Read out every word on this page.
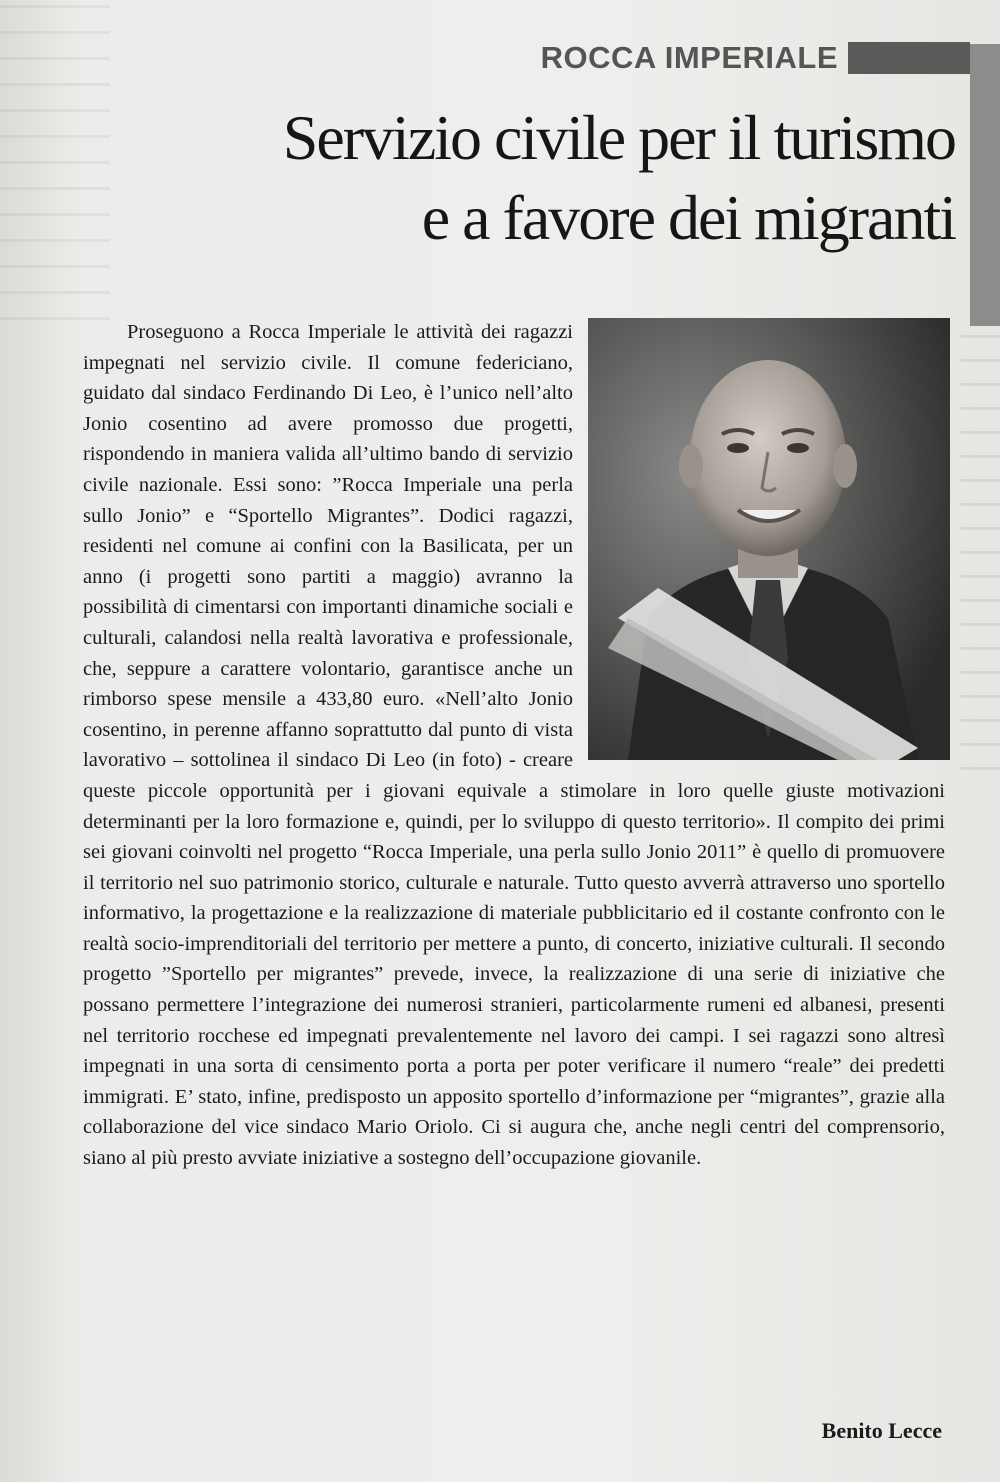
ROCCA IMPERIALE
Servizio civile per il turismo
e a favore dei migranti

Proseguono a Rocca Imperiale le attività dei ragazzi impegnati nel servizio civile. Il comune federiciano, guidato dal sindaco Ferdinando Di Leo, è l’unico nell’alto Jonio cosentino ad avere promosso due progetti, rispondendo in maniera valida all’ultimo bando di servizio civile nazionale. Essi sono: ”Rocca Imperiale una perla sullo Jonio” e “Sportello Migrantes”. Dodici ragazzi, residenti nel comune ai confini con la Basilicata, per un anno (i progetti sono partiti a maggio) avranno la possibilità di cimentarsi con importanti dinamiche sociali e culturali, calandosi nella realtà lavorativa e professionale, che, seppure a carattere volontario, garantisce anche un rimborso spese mensile a 433,80 euro. «Nell’alto Jonio cosentino, in perenne affanno soprattutto dal punto di vista lavorativo – sottolinea il sindaco Di Leo (in foto) - creare queste piccole opportunità per i giovani equivale a stimolare in loro quelle giuste motivazioni determinanti per la loro formazione e, quindi, per lo sviluppo di questo territorio». Il compito dei primi sei giovani coinvolti nel progetto “Rocca Imperiale, una perla sullo Jonio 2011” è quello di promuovere il territorio nel suo patrimonio storico, culturale e naturale. Tutto questo avverrà attraverso uno sportello informativo, la progettazione e la realizzazione di materiale pubblicitario ed il costante confronto con le realtà socio-imprenditoriali del territorio per mettere a punto, di concerto, iniziative culturali. Il secondo progetto ”Sportello per migrantes” prevede, invece, la realizzazione di una serie di iniziative che possano permettere l’integrazione dei numerosi stranieri, particolarmente rumeni ed albanesi, presenti nel territorio rocchese ed impegnati prevalentemente nel lavoro dei campi. I sei ragazzi sono altresì impegnati in una sorta di censimento porta a porta per poter verificare il numero “reale” dei predetti immigrati. E’ stato, infine, predisposto un apposito sportello d’informazione per “migrantes”, grazie alla collaborazione del vice sindaco Mario Oriolo. Ci si augura che, anche negli centri del comprensorio, siano al più presto avviate iniziative a sostegno dell’occupazione giovanile.

Benito Lecce
